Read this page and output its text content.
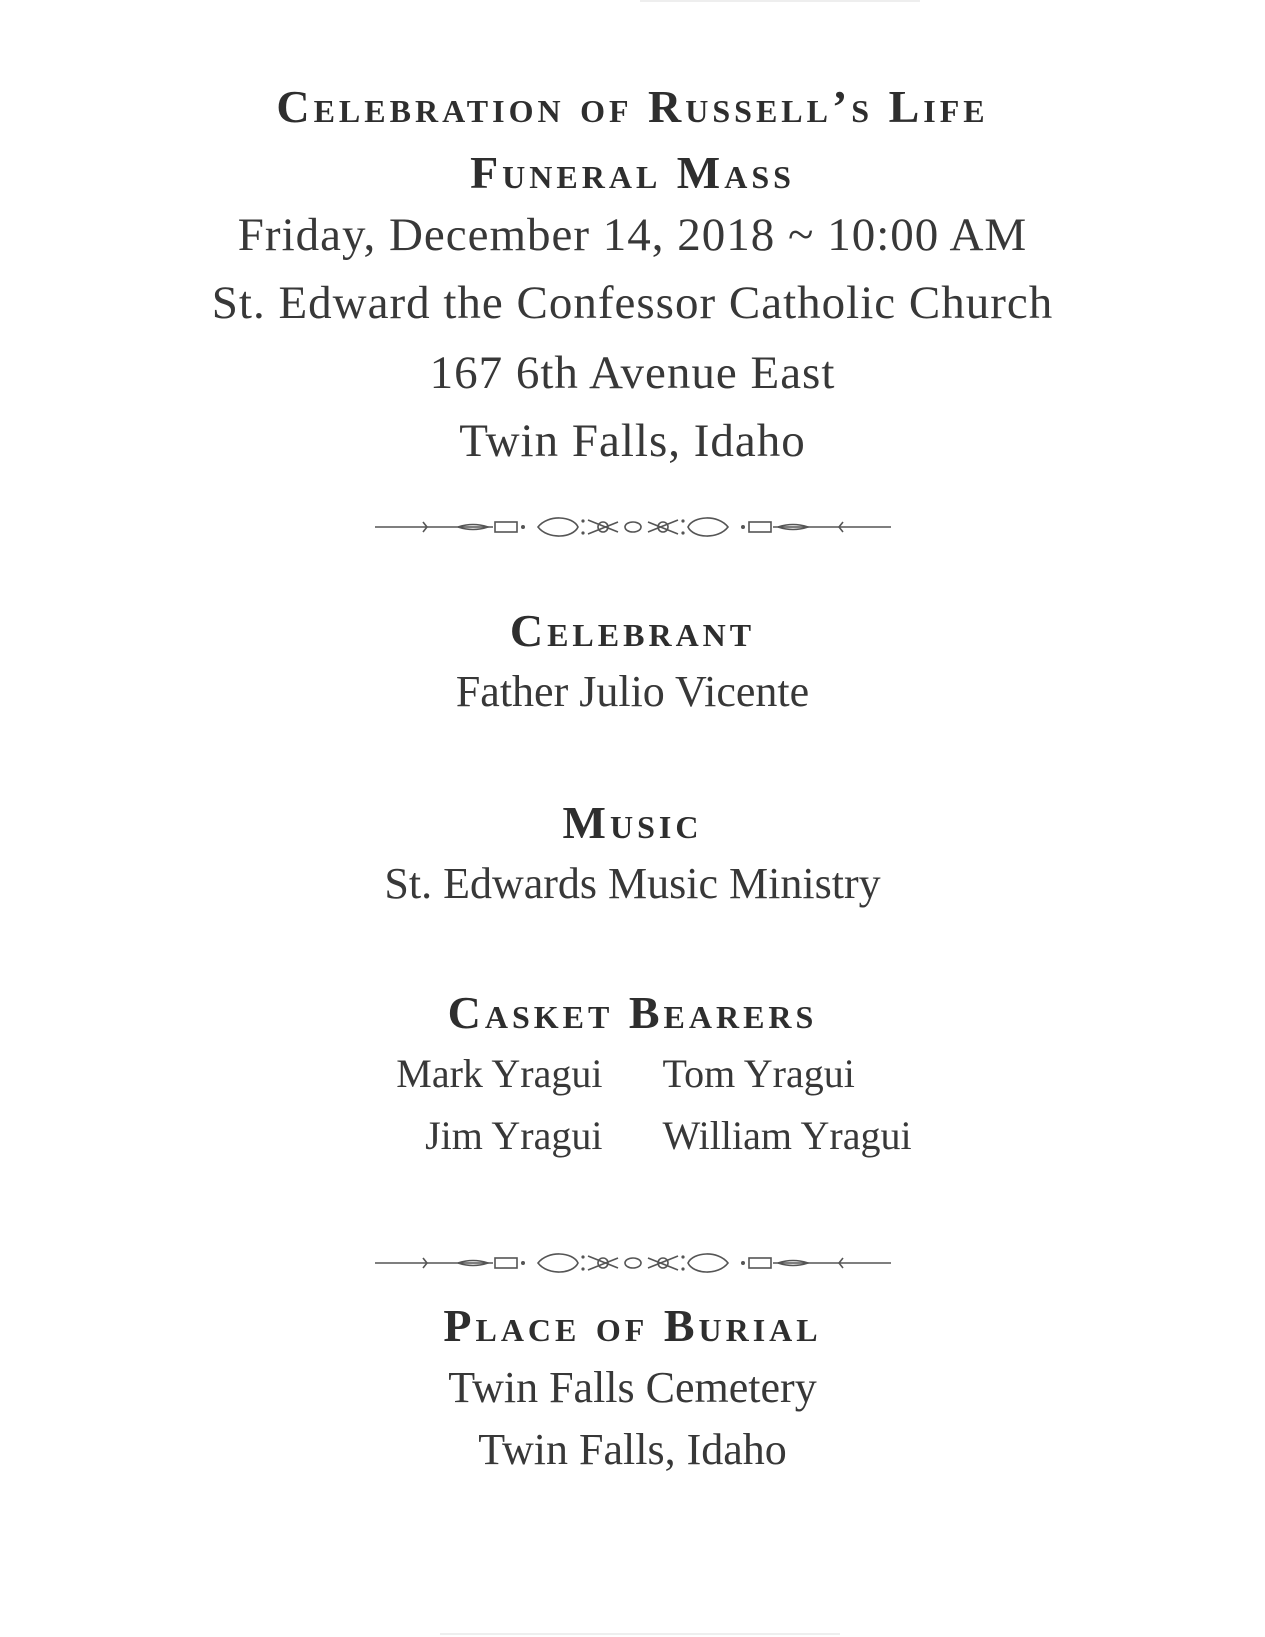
Celebration of Russell’s Life
Funeral Mass
Friday, December 14, 2018 ~ 10:00 AM
St. Edward the Confessor Catholic Church
167 6th Avenue East
Twin Falls, Idaho
Celebrant
Father Julio Vicente
Music
St. Edwards Music Ministry
Casket Bearers
Mark Yragui Tom Yragui
Jim Yragui William Yragui
Place of Burial
Twin Falls Cemetery
Twin Falls, Idaho
